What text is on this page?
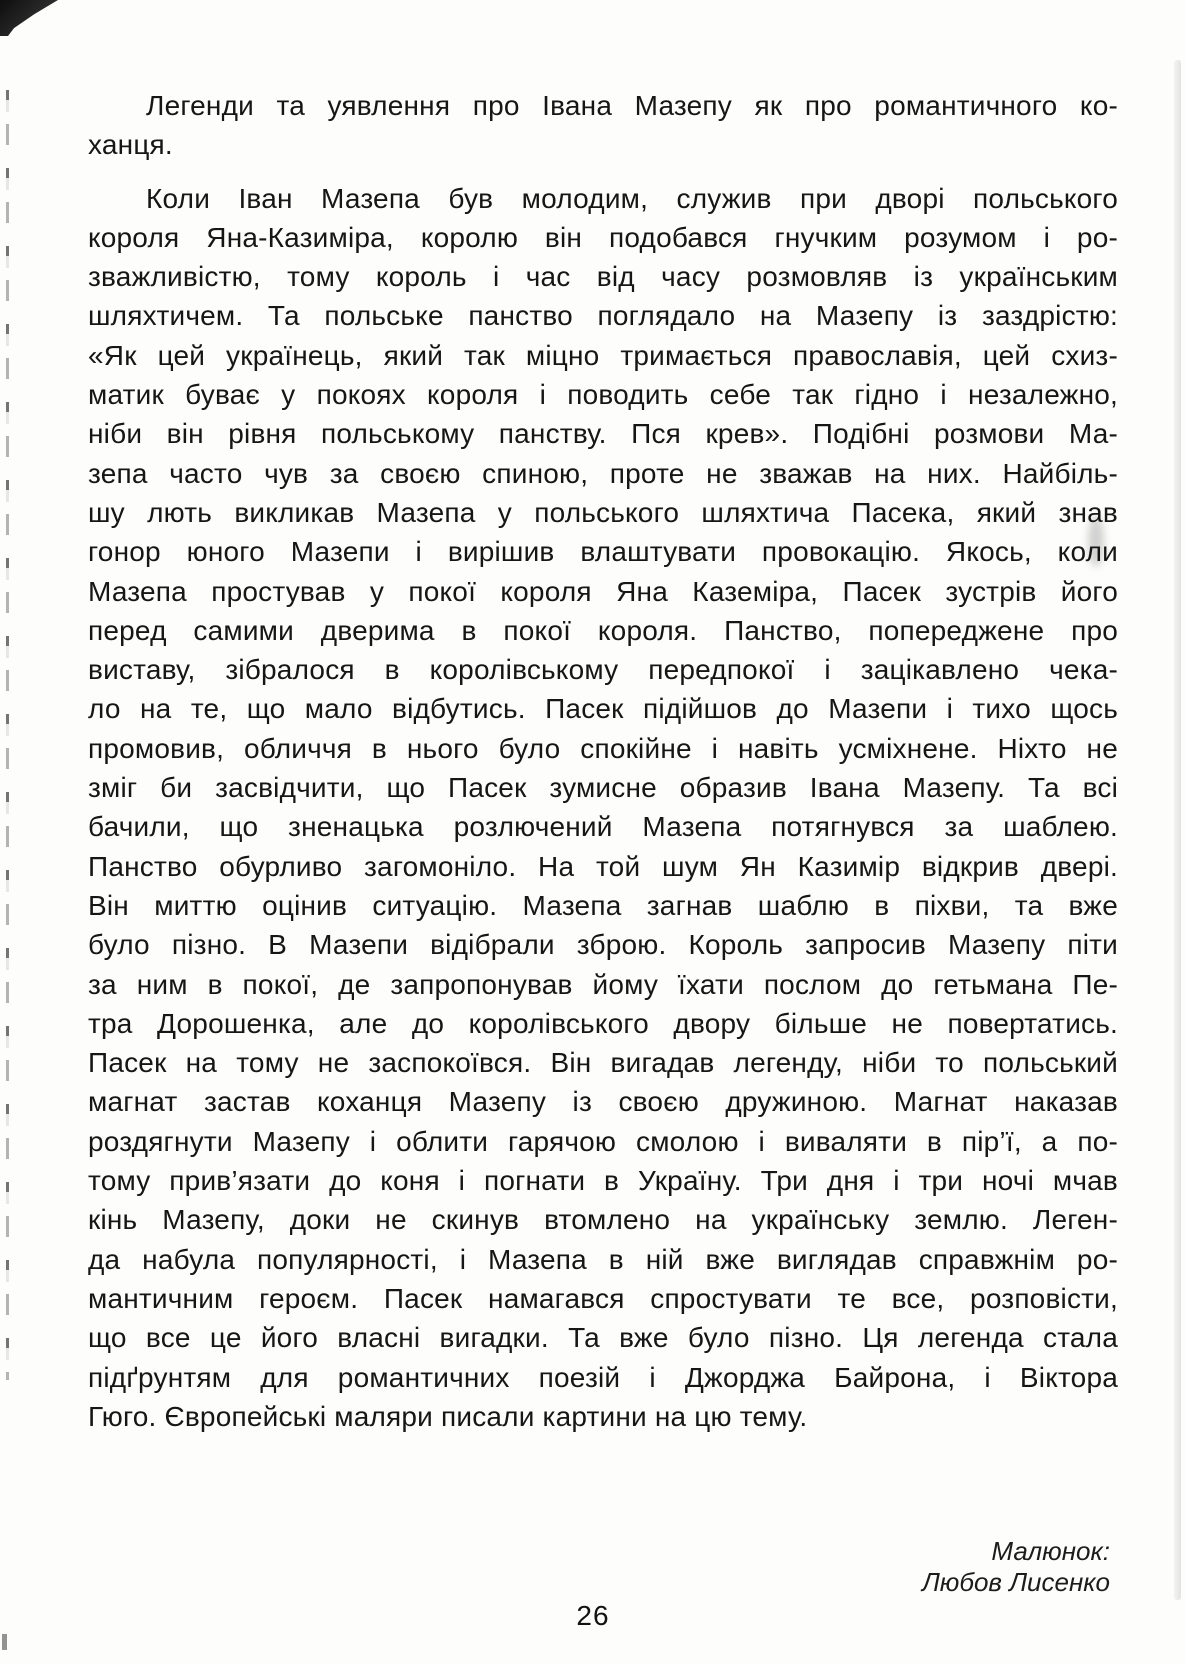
Легенди та уявлення про Івана Мазепу як про романтичного ко-
ханця.
Коли Іван Мазепа був молодим, служив при дворі польського
короля Яна-Казиміра, королю він подобався гнучким розумом і ро-
зважливістю, тому король і час від часу розмовляв із українським
шляхтичем. Та польське панство поглядало на Мазепу із заздрістю:
«Як цей українець, який так міцно тримається православія, цей схиз-
матик буває у покоях короля і поводить себе так гідно і незалежно,
ніби він рівня польському панству. Пся крев». Подібні розмови Ма-
зепа часто чув за своєю спиною, проте не зважав на них. Найбіль-
шу лють викликав Мазепа у польського шляхтича Пасека, який знав
гонор юного Мазепи і вирішив влаштувати провокацію. Якось, коли
Мазепа простував у покої короля Яна Каземіра, Пасек зустрів його
перед самими дверима в покої короля. Панство, попереджене про
виставу, зібралося в королівському передпокої і зацікавлено чека-
ло на те, що мало відбутись. Пасек підійшов до Мазепи і тихо щось
промовив, обличчя в нього було спокійне і навіть усміхнене. Ніхто не
зміг би засвідчити, що Пасек зумисне образив Івана Мазепу. Та всі
бачили, що зненацька розлючений Мазепа потягнувся за шаблею.
Панство обурливо загомоніло. На той шум Ян Казимір відкрив двері.
Він миттю оцінив ситуацію. Мазепа загнав шаблю в піхви, та вже
було пізно. В Мазепи відібрали зброю. Король запросив Мазепу піти
за ним в покої, де запропонував йому їхати послом до гетьмана Пе-
тра Дорошенка, але до королівського двору більше не повертатись.
Пасек на тому не заспокоївся. Він вигадав легенду, ніби то польський
магнат застав коханця Мазепу із своєю дружиною. Магнат наказав
роздягнути Мазепу і облити гарячою смолою і виваляти в пір’ї, а по-
тому прив’язати до коня і погнати в Україну. Три дня і три ночі мчав
кінь Мазепу, доки не скинув втомлено на українську землю. Леген-
да набула популярності, і Мазепа в ній вже виглядав справжнім ро-
мантичним героєм. Пасек намагався спростувати те все, розповісти,
що все це його власні вигадки. Та вже було пізно. Ця легенда стала
підґрунтям для романтичних поезій і Джорджа Байрона, і Віктора
Гюго. Європейські маляри писали картини на цю тему.
Малюнок:
Любов Лисенко
26
